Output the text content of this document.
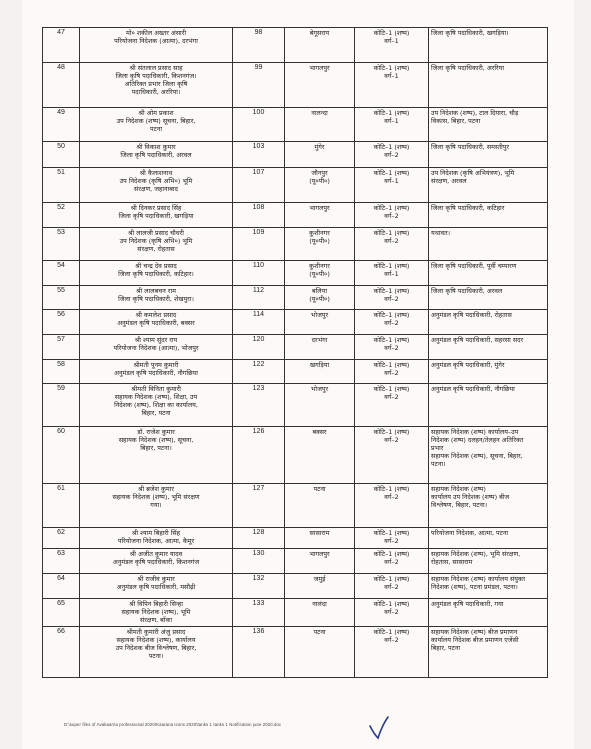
47	मो० शकील अख्तर अंसारी
परियोजना निदेशक (आत्मा), दरभंगा	98	बेगूसराय	कोटि–1 (शष्प)
वर्ग–1	जिला कृषि पदाधिकारी, खगड़िया।
48	श्री संतलाल प्रसाद साह
जिला कृषि पदाधिकारी, किशनगंज।
अतिरिक्त प्रभार जिला कृषि
पदाधिकारी, अररिया।	99	भागलपुर	कोटि–1 (शष्प)
वर्ग–1	जिला कृषि पदाधिकारी, अररिया
49	श्री ओम प्रकाश
उप निदेशक (शष्प) सूचना, बिहार,
पटना	100	नालन्दा	कोटि–1 (शष्प)
वर्ग–1	उप निदेशक (शष्प), टाल दियारा, चौड़
विकास, बिहार, पटना
50	श्री विकाश कुमार
जिला कृषि पदाधिकारी, अरवल	103	मुंगेर	कोटि–1 (शष्प)
वर्ग–2	जिला कृषि पदाधिकारी, समस्तीपुर
51	श्री कैलाशनाथ
उप निदेशक (कृषि अभि०) भूमि
संरक्षण, जहानाबाद	107	जौनपुर
(यू०पी०)	कोटि–1 (शष्प)
वर्ग–1	उप निदेशक (कृषि अभियंत्रण), भूमि
संरक्षण, अरवल
52	श्री दिनकर प्रसाद सिंह
जिला कृषि पदाधिकारी, खगड़िया	108	भागलपुर	कोटि–1 (शष्प)
वर्ग–2	जिला कृषि पदाधिकारी, कटिहार
53	श्री लालजी प्रसाद चौधरी
उप निदेशक (कृषि अभि०) भूमि
संरक्षण, रोहतास	109	कुशीनगर
(यू०पी०)	कोटि–1 (शष्प)
वर्ग–2	यथावत।
54	श्री चन्द्र देव प्रसाद
जिला कृषि पदाधिकारी, कटिहार।	110	कुशीनगर
(यू०पी०)	कोटि–1 (शष्प)
वर्ग–1	जिला कृषि पदाधिकारी, पूर्वी चम्पारण
55	श्री लालबचन राम
जिला कृषि पदाधिकारी, शेखपुरा।	112	बलिया
(यू०पी०)	कोटि–1 (शष्प)
वर्ग–2	जिला कृषि पदाधिकारी, अरवल
56	श्री कमलेश प्रसाद
अनुमंडल कृषि पदाधिकारी, बक्सर	114	भोजपुर	कोटि–1 (शष्प)
वर्ग–2	अनुमंडल कृषि पदाधिकारी, रोहतास
57	श्री श्याम सुंदर राय
परियोजना निदेशक (आत्मा), भोजपुर	120	दरभंगा	कोटि–1 (शष्प)
वर्ग–2	अनुमंडल कृषि पदाधिकारी, सहरसा सदर
58	श्रीमती पूनम कुमारी
अनुमंडल कृषि पदाधिकारी, नौगछिया	122	खगड़िया	कोटि–1 (शष्प)
वर्ग–2	अनुमंडल कृषि पदाधिकारी, मुंगेर
59	श्रीमती विनिता कुमारी
सहायक निदेशक (शष्प), शिक्षा, उप
निदेशक (शष्प), शिक्षा का कार्यालय,
बिहार, पटना	123	भोजपुर	कोटि–1 (शष्प)
वर्ग–2	अनुमंडल कृषि पदाधिकारी, नौगछिया
60	डॉ. राजेश कुमार
सहायक निदेशक (शष्प), सूचना,
बिहार, पटना।	126	बक्सर	कोटि–1 (शष्प)
वर्ग–2	सहायक निदेशक (शष्प) कार्यालय–उप
निदेशक (शष्प) दलहन/तेलहन अतिरिक्त
प्रभार
सहायक निदेशक (शष्प), सूचना, बिहार,
पटना।
61	श्री ब्रजेश कुमार
सहायक निदेशक (शष्प), भूमि संरक्षण
गया।	127	पटना	कोटि–1 (शष्प)
वर्ग–2	सहायक निदेशक (शष्प)
कार्यालय उप निदेशक (शष्प) बीज
विश्लेषण, बिहार, पटना।
62	श्री श्याम बिहारी सिंह
परियोजना निदेशक, आत्मा, कैमूर	128	सासाराम	कोटि–1 (शष्प)
वर्ग–2	परियोजना निदेशक, आत्मा, पटना
63	श्री अजीत कुमार यादव
अनुमंडल कृषि पदाधिकारी, किशनगंज	130	भागलपुर	कोटि–1 (शष्प)
वर्ग–2	सहायक निदेशक (शष्प), भूमि संरक्षण,
रोहतास, सासाराम
64	श्री राजीव कुमार
अनुमंडल कृषि पदाधिकारी, मसौढ़ी	132	जमुई	कोटि–1 (शष्प)
वर्ग–2	सहायक निदेशक (शष्प) कार्यालय संयुक्त
निदेशक (शष्प), पटना प्रमंडल, पटना।
65	श्री विपिन बिहारी सिन्हा
सहायक निदेशक (शष्प), भूमि
संरक्षण, बाँका	133	नालंदा	कोटि–1 (शष्प)
वर्ग–2	अनुमंडल कृषि पदाधिकारी, गया
66	श्रीमती कुमारी अंजु प्रसाद
सहायक निदेशक (शष्प), कार्यालय
उप निदेशक बीज विश्लेषण, बिहार,
पटना।	136	पटना	कोटि–1 (शष्प)
वर्ग–2	सहायक निदेशक (शष्प) बीज प्रमाणन
कार्यालय निदेशक बीज प्रमाणन एजेंसी
बिहार, पटना
D:\super files of Avakaarna professional 2020\Kaarana tcsns 2020\tanks 1 tanks 1 Notification june 2020.doc
